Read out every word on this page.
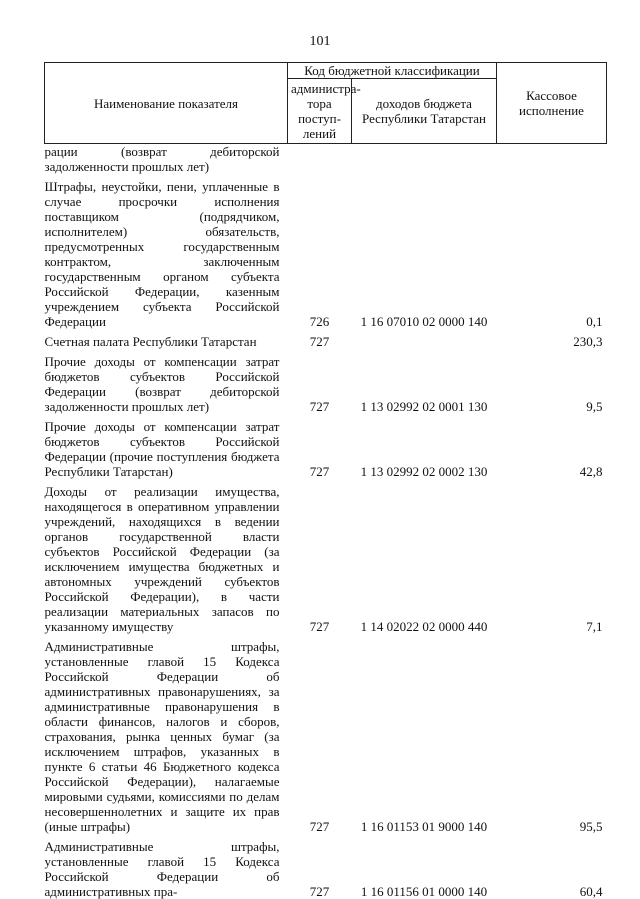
101
Наименование показателя	Код бюджетной классификации		Кассовое исполнение
	администра-тора поступ-лений	доходов бюджета Республики Татарстан	
рации (возврат дебиторской задолженности прошлых лет)			
Штрафы, неустойки, пени, уплаченные в случае просрочки исполнения поставщиком (подрядчиком, исполнителем) обязательств, предусмотренных государственным контрактом, заключенным государственным органом субъекта Российской Федерации, казенным учреждением субъекта Российской Федерации	726	1 16 07010 02 0000 140	0,1
Счетная палата Республики Татарстан	727		230,3
Прочие доходы от компенсации затрат бюджетов субъектов Российской Федерации (возврат дебиторской задолженности прошлых лет)	727	1 13 02992 02 0001 130	9,5
Прочие доходы от компенсации затрат бюджетов субъектов Российской Федерации (прочие поступления бюджета Республики Татарстан)	727	1 13 02992 02 0002 130	42,8
Доходы от реализации имущества, находящегося в оперативном управлении учреждений, находящихся в ведении органов государственной власти субъектов Российской Федерации (за исключением имущества бюджетных и автономных учреждений субъектов Российской Федерации), в части реализации материальных запасов по указанному имуществу	727	1 14 02022 02 0000 440	7,1
Административные штрафы, установленные главой 15 Кодекса Российской Федерации об административных правонарушениях, за административные правонарушения в области финансов, налогов и сборов, страхования, рынка ценных бумаг (за исключением штрафов, указанных в пункте 6 статьи 46 Бюджетного кодекса Российской Федерации), налагаемые мировыми судьями, комиссиями по делам несовершеннолетних и защите их прав (иные штрафы)	727	1 16 01153 01 9000 140	95,5
Административные штрафы, установленные главой 15 Кодекса Российской Федерации об административных пра-	727	1 16 01156 01 0000 140	60,4
